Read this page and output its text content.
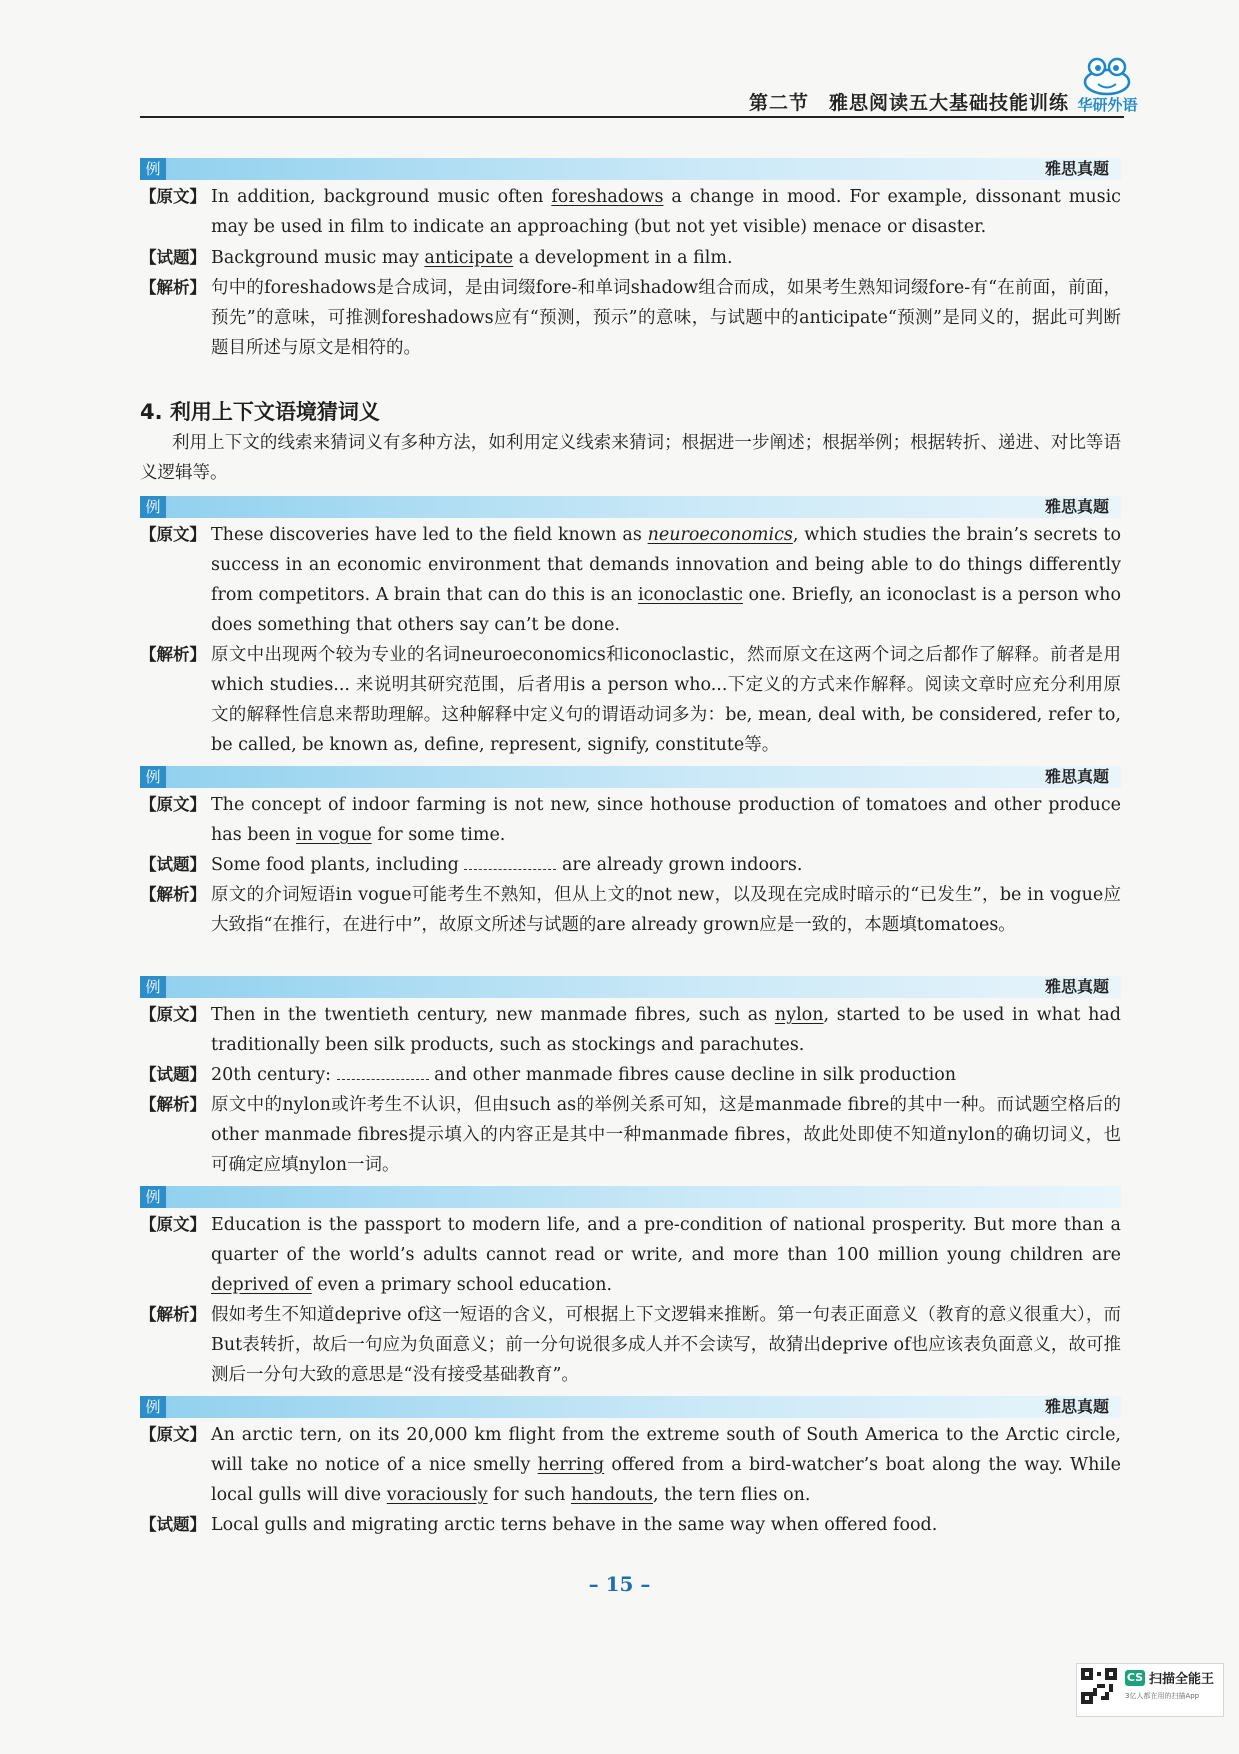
第二节　雅思阅读五大基础技能训练 华研外语
例	雅思真题
【原文】 In addition, background music often foreshadows a change in mood. For example, dissonant music may be used in film to indicate an approaching (but not yet visible) menace or disaster.
【试题】 Background music may anticipate a development in a film.
【解析】 句中的foreshadows是合成词，是由词缀fore-和单词shadow组合而成，如果考生熟知词缀fore-有“在前面，前面，预先”的意味，可推测foreshadows应有“预测，预示”的意味，与试题中的anticipate“预测”是同义的，据此可判断题目所述与原文是相符的。
4. 利用上下文语境猜词义
利用上下文的线索来猜词义有多种方法，如利用定义线索来猜词；根据进一步阐述；根据举例；根据转折、递进、对比等语义逻辑等。
例	雅思真题
【原文】 These discoveries have led to the field known as neuroeconomics, which studies the brain’s secrets to success in an economic environment that demands innovation and being able to do things differently from competitors. A brain that can do this is an iconoclastic one. Briefly, an iconoclast is a person who does something that others say can’t be done.
【解析】 原文中出现两个较为专业的名词neuroeconomics和iconoclastic，然而原文在这两个词之后都作了解释。前者是用which studies... 来说明其研究范围，后者用is a person who...下定义的方式来作解释。阅读文章时应充分利用原文的解释性信息来帮助理解。这种解释中定义句的谓语动词多为：be, mean, deal with, be considered, refer to, be called, be known as, define, represent, signify, constitute等。
例	雅思真题
【原文】 The concept of indoor farming is not new, since hothouse production of tomatoes and other produce has been in vogue for some time.
【试题】 Some food plants, including	are already grown indoors.
【解析】 原文的介词短语in vogue可能考生不熟知，但从上文的not new，以及现在完成时暗示的“已发生”，be in vogue应大致指“在推行，在进行中”，故原文所述与试题的are already grown应是一致的，本题填tomatoes。
例	雅思真题
【原文】 Then in the twentieth century, new manmade fibres, such as nylon, started to be used in what had traditionally been silk products, such as stockings and parachutes.
【试题】 20th century:	and other manmade fibres cause decline in silk production
【解析】 原文中的nylon或许考生不认识，但由such as的举例关系可知，这是manmade fibre的其中一种。而试题空格后的other manmade fibres提示填入的内容正是其中一种manmade fibres，故此处即使不知道nylon的确切词义，也可确定应填nylon一词。
例
【原文】 Education is the passport to modern life, and a pre-condition of national prosperity. But more than a quarter of the world’s adults cannot read or write, and more than 100 million young children are deprived of even a primary school education.
【解析】 假如考生不知道deprive of这一短语的含义，可根据上下文逻辑来推断。第一句表正面意义（教育的意义很重大），而But表转折，故后一句应为负面意义；前一分句说很多成人并不会读写，故猜出deprive of也应该表负面意义，故可推测后一分句大致的意思是“没有接受基础教育”。
例	雅思真题
【原文】 An arctic tern, on its 20,000 km flight from the extreme south of South America to the Arctic circle, will take no notice of a nice smelly herring offered from a bird-watcher’s boat along the way. While local gulls will dive voraciously for such handouts, the tern flies on.
【试题】 Local gulls and migrating arctic terns behave in the same way when offered food.
– 15 –
CS 扫描全能王
3亿人都在用的扫描App
